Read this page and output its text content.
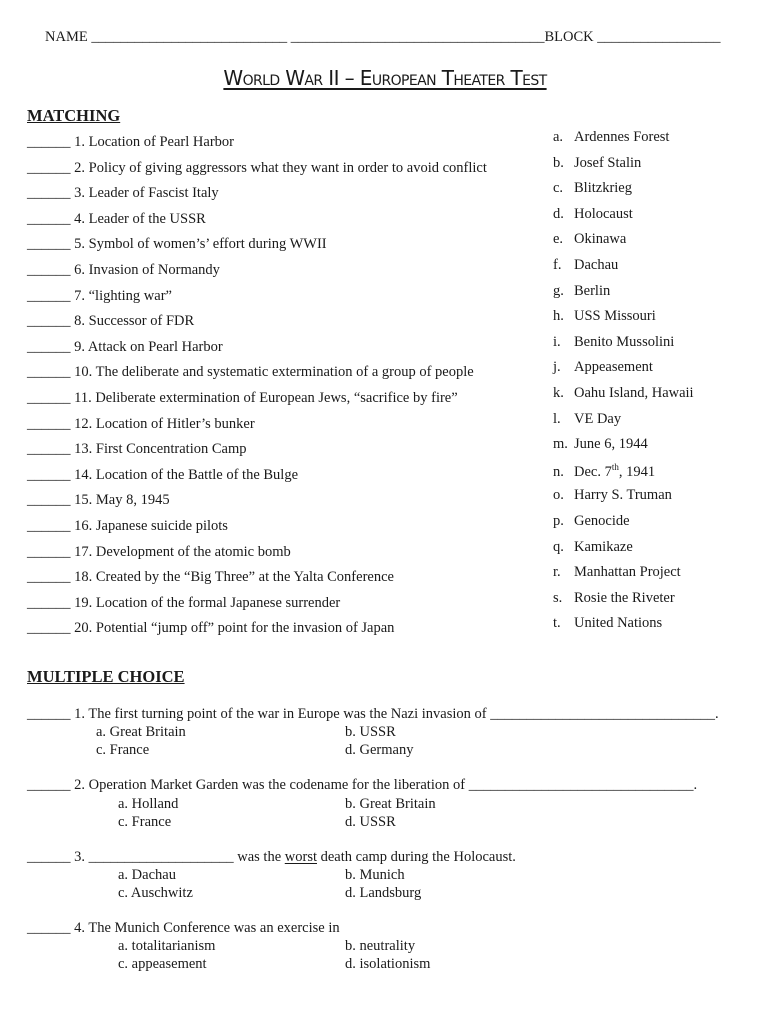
NAME ___________________________ ___________________________________BLOCK _________________
World War II – European Theater Test
MATCHING
______ 1. Location of Pearl Harbor
______ 2. Policy of giving aggressors what they want in order to avoid conflict
______ 3. Leader of Fascist Italy
______ 4. Leader of the USSR
______ 5. Symbol of women’s’ effort during WWII
______ 6. Invasion of Normandy
______ 7. “lighting war”
______ 8. Successor of FDR
______ 9. Attack on Pearl Harbor
______ 10. The deliberate and systematic extermination of a group of people
______ 11. Deliberate extermination of European Jews, “sacrifice by fire”
______ 12. Location of Hitler’s bunker
______ 13. First Concentration Camp
______ 14. Location of the Battle of the Bulge
______ 15. May 8, 1945
______ 16. Japanese suicide pilots
______ 17. Development of the atomic bomb
______ 18. Created by the “Big Three” at the Yalta Conference
______ 19. Location of the formal Japanese surrender
______ 20. Potential “jump off” point for the invasion of Japan
a. Ardennes Forest
b. Josef Stalin
c. Blitzkrieg
d. Holocaust
e. Okinawa
f. Dachau
g. Berlin
h. USS Missouri
i. Benito Mussolini
j. Appeasement
k. Oahu Island, Hawaii
l. VE Day
m. June 6, 1944
n. Dec. 7th, 1941
o. Harry S. Truman
p. Genocide
q. Kamikaze
r. Manhattan Project
s. Rosie the Riveter
t. United Nations
MULTIPLE CHOICE
______ 1. The first turning point of the war in Europe was the Nazi invasion of _______________________________.
a. Great Britain	b. USSR
c. France	d. Germany
______ 2. Operation Market Garden was the codename for the liberation of _______________________________.
a. Holland	b. Great Britain
c. France	d. USSR
______ 3. ____________________ was the worst death camp during the Holocaust.
a. Dachau	b. Munich
c. Auschwitz	d. Landsburg
______ 4. The Munich Conference was an exercise in
a. totalitarianism	b. neutrality
c. appeasement	d. isolationism
